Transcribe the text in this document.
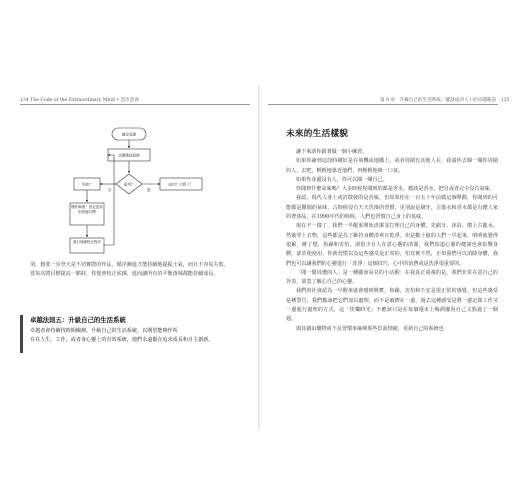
134 The Code of the Extraordinary Mind • 活出意義	第 9 章　升級自己的生活系統／健談成功人士的卓越秘訣　135
確定底線
定期測試底線
成功？
否
失敗？
是
成功？太棒了！
擺作漸進！設定更高的底線目標
進行底線校正程序

別，想要一步登天是不切實際的作法，循序漸進才能持續地提振士氣，而且不容易失敗。

當每次將目標提高一點時，你覺會校正底線，進而讓所有的平衡落城都能持續成長。

卓越法則五：升級自己的生活系統

卓越者會持續找時間檢測、升級自己的生活系統，以期望能夠作所

有在人生、工作、或者身心靈上的有效系統，他們永遠都在追求成長和自主創新。

未來的生活樣貌

讓下來請你跟著做一個小練習。

如果你讀到這段時剛好是在飛機或地鐵上，或者周圍有其他人在，我請你去閱一閱你周圍的人，去吧，輕輕地靠近他們，再輕輕地吸一口氣。

如果你身邊沒有人，你可以閱一閱自己。

你聞到什麼氣味嗎？大多時候你聞到的都是香水，應該是香水，把自或者完全沒有氣味。

我認，現代人身上或許散發的是香味，但如果你在一百五十年前做這個舉動，你聞到的可能都是難聞的氣味，古時候沒有天天洗澡的習慣，更別說是刷牙，古龍水和香水都是有錢人家的奢侈品，在1990年代的時候，人們也習慣自己身上的臭味。

現在不一樣了，我們一早醒來開始清潔並打理自己的身體，先刷牙、沐浴、噴上古龍水，然後穿上衣物，這些都是為了維持身體清爽且乾淨，但是數十億的人們一早起來，明明就覺得很累，睡了覺，焦躁和害怕，卻很少有人在意心靈的清潔，我們知道心靈的健康也會影響身體，卻許使使用，你就習慣以為這些感受是正常的，但其實不然，正如我們可以消除身體，我們也可以讓我們的心靈進行「洗淨」這個技巧，心中的消費或是洗淨很重要的。

「聞一聞周遭的人」是一種顯而易見的小活動：在我真正重視的是，我們非常在意自己的外表，卻忽了關心自己的心靈。

我們的社會認為一早醒來就會感到興奮，焦躁，害怕和不安是很正常的感覺，但這些感受是種警告，我們應該把它們加以處理，而不是被擠在一邊，過去這種感受是將一邊記錄工作又一邊進行處理的方式，這「快樂時光」不應該只是在每個週末上喝酒慶祝自己又熬過了一個週。

與其藉由藥物或不良習慣來麻痺那些負面情緒，更新自己的系統也
